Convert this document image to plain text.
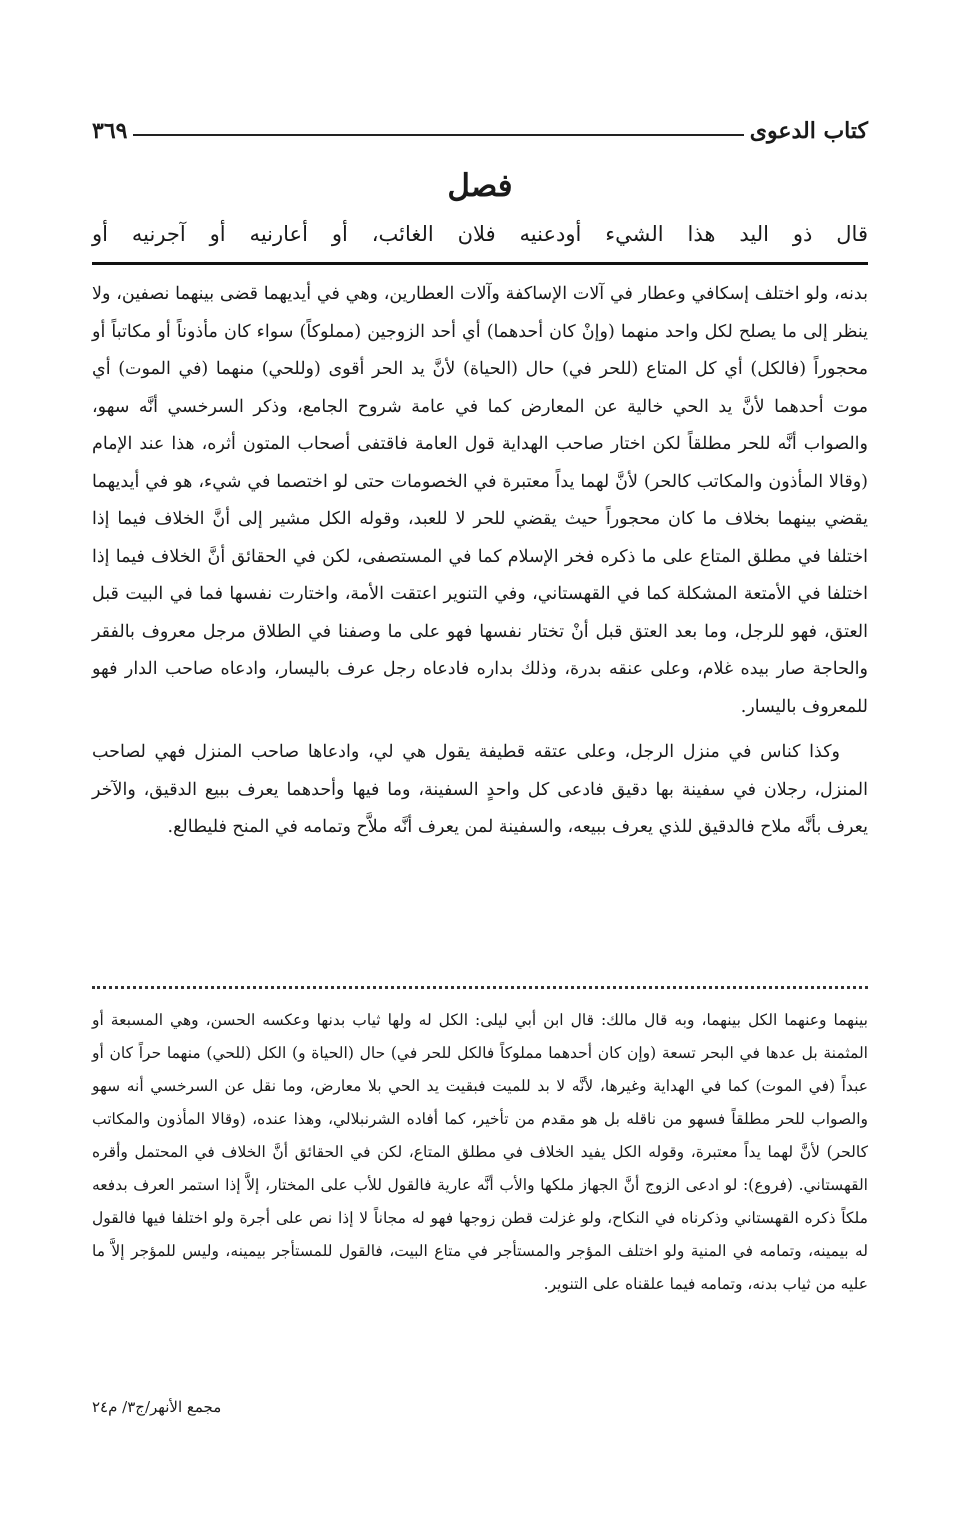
كتاب الدعوى
٣٦٩
فصل
قال ذو اليد هذا الشيء أودعنيه فلان الغائب، أو أعارنيه أو آجرنيه أو

بدنه، ولو اختلف إسكافي وعطار في آلات الإساكفة وآلات العطارين، وهي في أيديهما قضى بينهما نصفين، ولا ينظر إلى ما يصلح لكل واحد منهما (وإنْ كان أحدهما) أي أحد الزوجين (مملوكاً) سواء كان مأذوناً أو مكاتباً أو محجوراً (فالكل) أي كل المتاع (للحر في) حال (الحياة) لأنَّ يد الحر أقوى (وللحي) منهما (في الموت) أي موت أحدهما لأنَّ يد الحي خالية عن المعارض كما في عامة شروح الجامع، وذكر السرخسي أنَّه سهو، والصواب أنَّه للحر مطلقاً لكن اختار صاحب الهداية قول العامة فاقتفى أصحاب المتون أثره، هذا عند الإمام (وقالا المأذون والمكاتب كالحر) لأنَّ لهما يداً معتبرة في الخصومات حتى لو اختصما في شيء، هو في أيديهما يقضي بينهما بخلاف ما كان محجوراً حيث يقضي للحر لا للعبد، وقوله الكل مشير إلى أنَّ الخلاف فيما إذا اختلفا في مطلق المتاع على ما ذكره فخر الإسلام كما في المستصفى، لكن في الحقائق أنَّ الخلاف فيما إذا اختلفا في الأمتعة المشكلة كما في القهستاني، وفي التنوير اعتقت الأمة، واختارت نفسها فما في البيت قبل العتق، فهو للرجل، وما بعد العتق قبل أنْ تختار نفسها فهو على ما وصفنا في الطلاق مرجل معروف بالفقر والحاجة صار بيده غلام، وعلى عنقه بدرة، وذلك بداره فادعاه رجل عرف باليسار، وادعاه صاحب الدار فهو للمعروف باليسار.

وكذا كناس في منزل الرجل، وعلى عتقه قطيفة يقول هي لي، وادعاها صاحب المنزل فهي لصاحب المنزل، رجلان في سفينة بها دقيق فادعى كل واحدٍ السفينة، وما فيها وأحدهما يعرف ببيع الدقيق، والآخر يعرف بأنَّه ملاح فالدقيق للذي يعرف ببيعه، والسفينة لمن يعرف أنَّه ملاَّح وتمامه في المنح فليطالع.

بينهما وعنهما الكل بينهما، وبه قال مالك: قال ابن أبي ليلى: الكل له ولها ثياب بدنها وعكسه الحسن، وهي المسبعة أو المثمنة بل عدها في البحر تسعة (وإن كان أحدهما مملوكاً فالكل للحر في) حال (الحياة و) الكل (للحي) منهما حراً كان أو عبداً (في الموت) كما في الهداية وغيرها، لأنَّه لا بد للميت فبقيت يد الحي بلا معارض، وما نقل عن السرخسي أنه سهو والصواب للحر مطلقاً فسهو من ناقله بل هو مقدم من تأخير، كما أفاده الشرنبلالي، وهذا عنده، (وقالا المأذون والمكاتب كالحر) لأنَّ لهما يداً معتبرة، وقوله الكل يفيد الخلاف في مطلق المتاع، لكن في الحقائق أنَّ الخلاف في المحتمل وأقره القهستاني. (فروع): لو ادعى الزوج أنَّ الجهاز ملكها والأب أنَّه عارية فالقول للأب على المختار، إلاَّ إذا استمر العرف بدفعه ملكاً ذكره القهستاني وذكرناه في النكاح، ولو غزلت قطن زوجها فهو له مجاناً لا إذا نص على أجرة ولو اختلفا فيها فالقول له بيمينه، وتمامه في المنية ولو اختلف المؤجر والمستأجر في متاع البيت، فالقول للمستأجر بيمينه، وليس للمؤجر إلاَّ ما عليه من ثياب بدنه، وتمامه فيما علقناه على التنوير.

مجمع الأنهر/ج٣/ م٢٤
